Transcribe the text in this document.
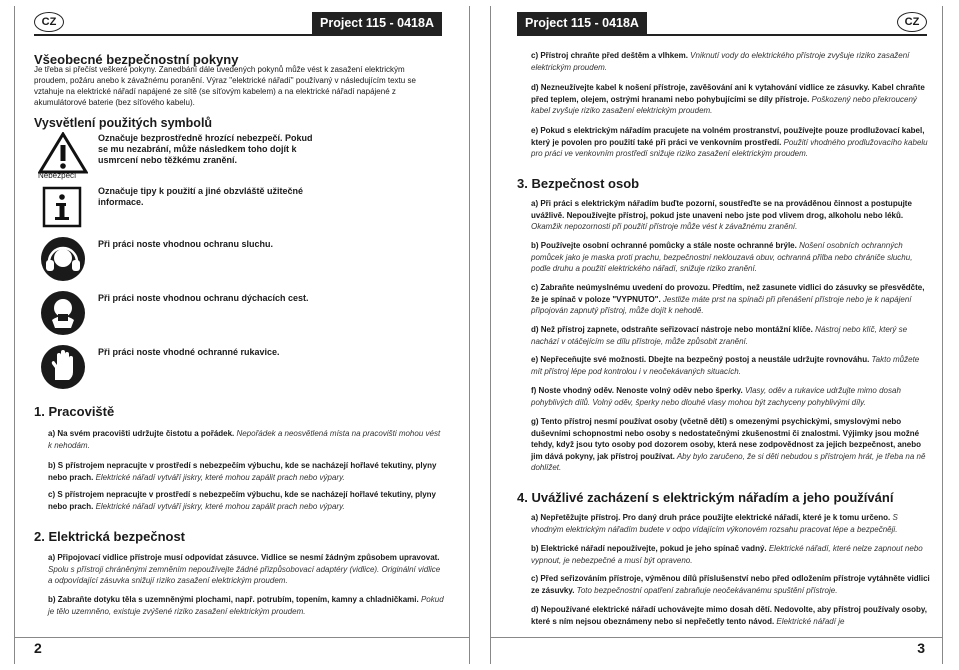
CZ	Project 115 - 0418A
Všeobecné bezpečnostní pokyny
Je třeba si přečíst veškeré pokyny. Zanedbání dále uvedených pokynů může vést k zasažení elektrickým proudem, požáru anebo k závažnému poranění. Výraz "elektrické nářadí" používaný v následujícím textu se vztahuje na elektrické nářadí napájené ze sítě (se síťovým kabelem) a na elektrické nářadí napájené z akumulátorové baterie (bez síťového kabelu).
Vysvětlení použitých symbolů
Nebezpečí
Označuje bezprostředně hrozící nebezpečí. Pokud se mu nezabrání, může následkem toho dojít k usmrcení nebo těžkému zranění.
Označuje tipy k použití a jiné obzvláště užitečné informace.
Při práci noste vhodnou ochranu sluchu.
Při práci noste vhodnou ochranu dýchacích cest.
Při práci noste vhodné ochranné rukavice.
1. Pracoviště
a) Na svém pracovišti udržujte čistotu a pořádek. Nepořádek a neosvětlená místa na pracovišti mohou vést k nehodám.
b) S přístrojem nepracujte v prostředí s nebezpečím výbuchu, kde se nacházejí hořlavé tekutiny, plyny nebo prach. Elektrické nářadí vytváří jiskry, které mohou zapálit prach nebo výpary.
c) S přístrojem nepracujte v prostředí s nebezpečím výbuchu, kde se nacházejí hořlavé tekutiny, plyny nebo prach. Elektrické nářadí vytváří jiskry, které mohou zapálit prach nebo výpary.
2. Elektrická bezpečnost
a) Připojovací vidlice přístroje musí odpovídat zásuvce. Vidlice se nesmí žádným způsobem upravovat. Spolu s přístroji chráněnými zemněním nepoužívejte žádné přizpůsobovací adaptéry (vidlice). Originální vidlice a odpovídající zásuvka snižují riziko zasažení elektrickým proudem.
b) Zabraňte dotyku těla s uzemněnými plochami, např. potrubím, topením, kamny a chladničkami. Pokud je tělo uzemněno, existuje zvýšené riziko zasažení elektrickým proudem.
2
Project 115 - 0418A	CZ
c) Přístroj chraňte před deštěm a vlhkem. Vniknutí vody do elektrického přístroje zvyšuje riziko zasažení elektrickým proudem.
d) Nezneužívejte kabel k nošení přístroje, zavěšování ani k vytahování vidlice ze zásuvky. Kabel chraňte před teplem, olejem, ostrými hranami nebo pohybujícími se díly přístroje. Poškozený nebo překroucený kabel zvyšuje riziko zasažení elektrickým proudem.
e) Pokud s elektrickým nářadím pracujete na volném prostranství, používejte pouze prodlužovací kabel, který je povolen pro použití také při práci ve venkovním prostředí. Použití vhodného prodlužovacího kabelu pro práci ve venkovním prostředí snižuje riziko zasažení elektrickým proudem.
3. Bezpečnost osob
a) Při práci s elektrickým nářadím buďte pozorní, soustřeďte se na prováděnou činnost a postupujte uvážlivě. Nepoužívejte přístroj, pokud jste unaveni nebo jste pod vlivem drog, alkoholu nebo léků. Okamžik nepozornosti při použití přístroje může vést k závažnému zranění.
b) Používejte osobní ochranné pomůcky a stále noste ochranné brýle. Nošení osobních ochranných pomůcek jako je maska proti prachu, bezpečnostní neklouzavá obuv, ochranná přilba nebo chrániče sluchu, podle druhu a použití elektrického nářadí, snižuje riziko zranění.
c) Zabraňte neúmyslnému uvedení do provozu. Předtím, než zasunete vidlici do zásuvky se přesvědčte, že je spínač v poloze "VYPNUTO". Jestliže máte prst na spínači při přenášení přístroje nebo je k napájení připojován zapnutý přístroj, může dojít k nehodě.
d) Než přístroj zapnete, odstraňte seřizovací nástroje nebo montážní klíče. Nástroj nebo klíč, který se nachází v otáčejícím se dílu přístroje, může způsobit zranění.
e) Nepřeceňujte své možnosti. Dbejte na bezpečný postoj a neustále udržujte rovnováhu. Takto můžete mít přístroj lépe pod kontrolou i v neočekávaných situacích.
f) Noste vhodný oděv. Nenoste volný oděv nebo šperky. Vlasy, oděv a rukavice udržujte mimo dosah pohyblivých dílů. Volný oděv, šperky nebo dlouhé vlasy mohou být zachyceny pohyblivými díly.
g) Tento přístroj nesmí používat osoby (včetně dětí) s omezenými psychickými, smyslovými nebo duševními schopnostmi nebo osoby s nedostatečnými zkušenostmi či znalostmi. Výjimky jsou možné tehdy, když jsou tyto osoby pod dozorem osoby, která nese zodpovědnost za jejich bezpečnost, anebo jim dává pokyny, jak přístroj používat. Aby bylo zaručeno, že si děti nebudou s přístrojem hrát, je třeba na ně dohlížet.
4. Uvážlivé zacházení s elektrickým nářadím a jeho používání
a) Nepřetěžujte přístroj. Pro daný druh práce použijte elektrické nářadí, které je k tomu určeno. S vhodným elektrickým nářadím budete v odpo vídajícím výkonovém rozsahu pracovat lépe a bezpečněji.
b) Elektrické nářadí nepoužívejte, pokud je jeho spínač vadný. Elektrické nářadí, které nelze zapnout nebo vypnout, je nebezpečné a musí být opraveno.
c) Před seřizováním přístroje, výměnou dílů příslušenství nebo před odložením přístroje vytáhněte vidlici ze zásuvky. Toto bezpečnostní opatření zabraňuje neočekávanému spuštění přístroje.
d) Nepoužívané elektrické nářadí uchovávejte mimo dosah dětí. Nedovolte, aby přístroj používaly osoby, které s ním nejsou obeznámeny nebo si nepřečetly tento návod. Elektrické nářadí je
3
